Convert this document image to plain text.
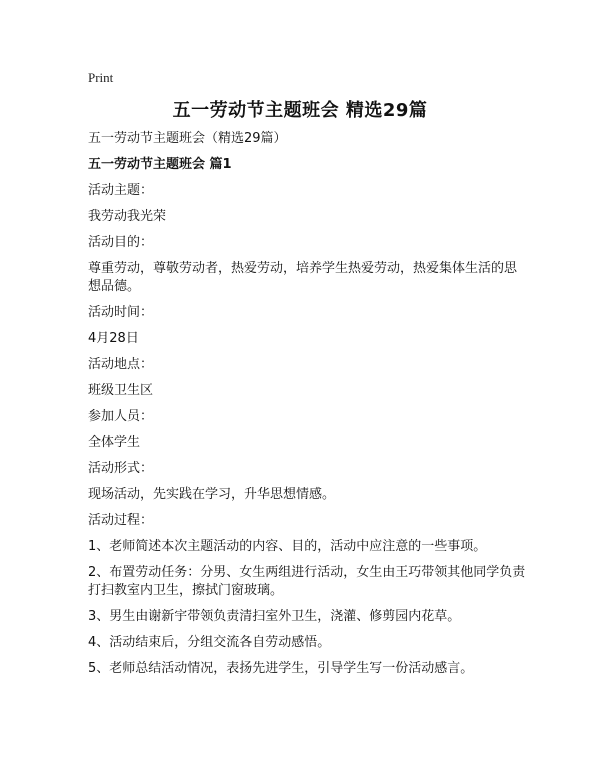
Print
五一劳动节主题班会 精选29篇

五一劳动节主题班会（精选29篇）

五一劳动节主题班会 篇1

活动主题：

我劳动我光荣

活动目的：

尊重劳动，尊敬劳动者，热爱劳动，培养学生热爱劳动，热爱集体生活的思想品德。

活动时间：

4月28日

活动地点：

班级卫生区

参加人员：

全体学生

活动形式：

现场活动，先实践在学习，升华思想情感。

活动过程：

1、老师简述本次主题活动的内容、目的，活动中应注意的一些事项。

2、布置劳动任务：分男、女生两组进行活动，女生由王巧带领其他同学负责打扫教室内卫生，擦拭门窗玻璃。

3、男生由谢新宇带领负责清扫室外卫生，浇灌、修剪园内花草。

4、活动结束后，分组交流各自劳动感悟。

5、老师总结活动情况，表扬先进学生，引导学生写一份活动感言。
